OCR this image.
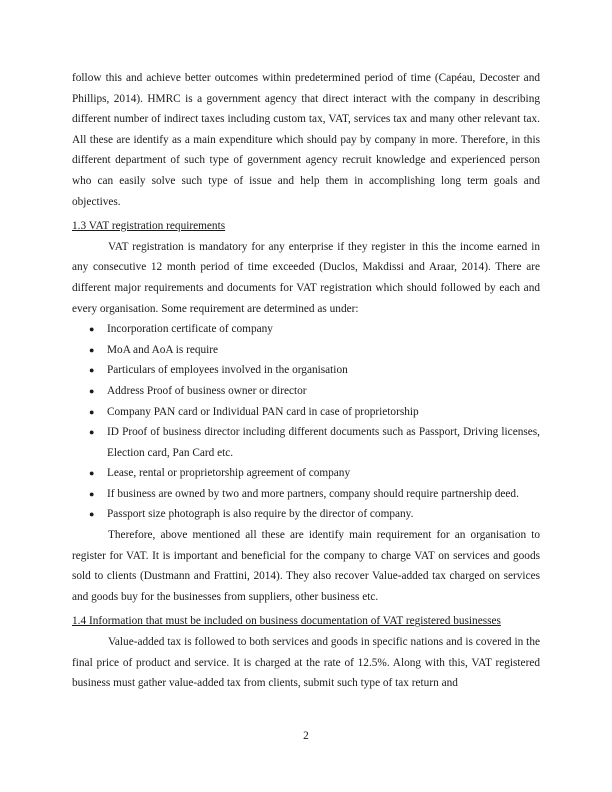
follow this and achieve better outcomes within predetermined period of time (Capéau, Decoster and Phillips, 2014). HMRC is a government agency that direct interact with the company in describing different number of indirect taxes including custom tax, VAT, services tax and many other relevant tax. All these are identify as a main expenditure which should pay by company in more. Therefore, in this different department of such type of government agency recruit knowledge and experienced person who can easily solve such type of issue and help them in accomplishing long term goals and objectives.

1.3 VAT registration requirements

VAT registration is mandatory for any enterprise if they register in this the income earned in any consecutive 12 month period of time exceeded (Duclos, Makdissi and Araar, 2014). There are different major requirements and documents for VAT registration which should followed by each and every organisation. Some requirement are determined as under:

● Incorporation certificate of company
● MoA and AoA is require
● Particulars of employees involved in the organisation
● Address Proof of business owner or director
● Company PAN card or Individual PAN card in case of proprietorship
● ID Proof of business director including different documents such as Passport, Driving licenses, Election card, Pan Card etc.
● Lease, rental or proprietorship agreement of company
● If business are owned by two and more partners, company should require partnership deed.
● Passport size photograph is also require by the director of company.

Therefore, above mentioned all these are identify main requirement for an organisation to register for VAT. It is important and beneficial for the company to charge VAT on services and goods sold to clients (Dustmann and Frattini, 2014). They also recover Value-added tax charged on services and goods buy for the businesses from suppliers, other business etc.

1.4 Information that must be included on business documentation of VAT registered businesses

Value-added tax is followed to both services and goods in specific nations and is covered in the final price of product and service. It is charged at the rate of 12.5%. Along with this, VAT registered business must gather value-added tax from clients, submit such type of tax return and

2
